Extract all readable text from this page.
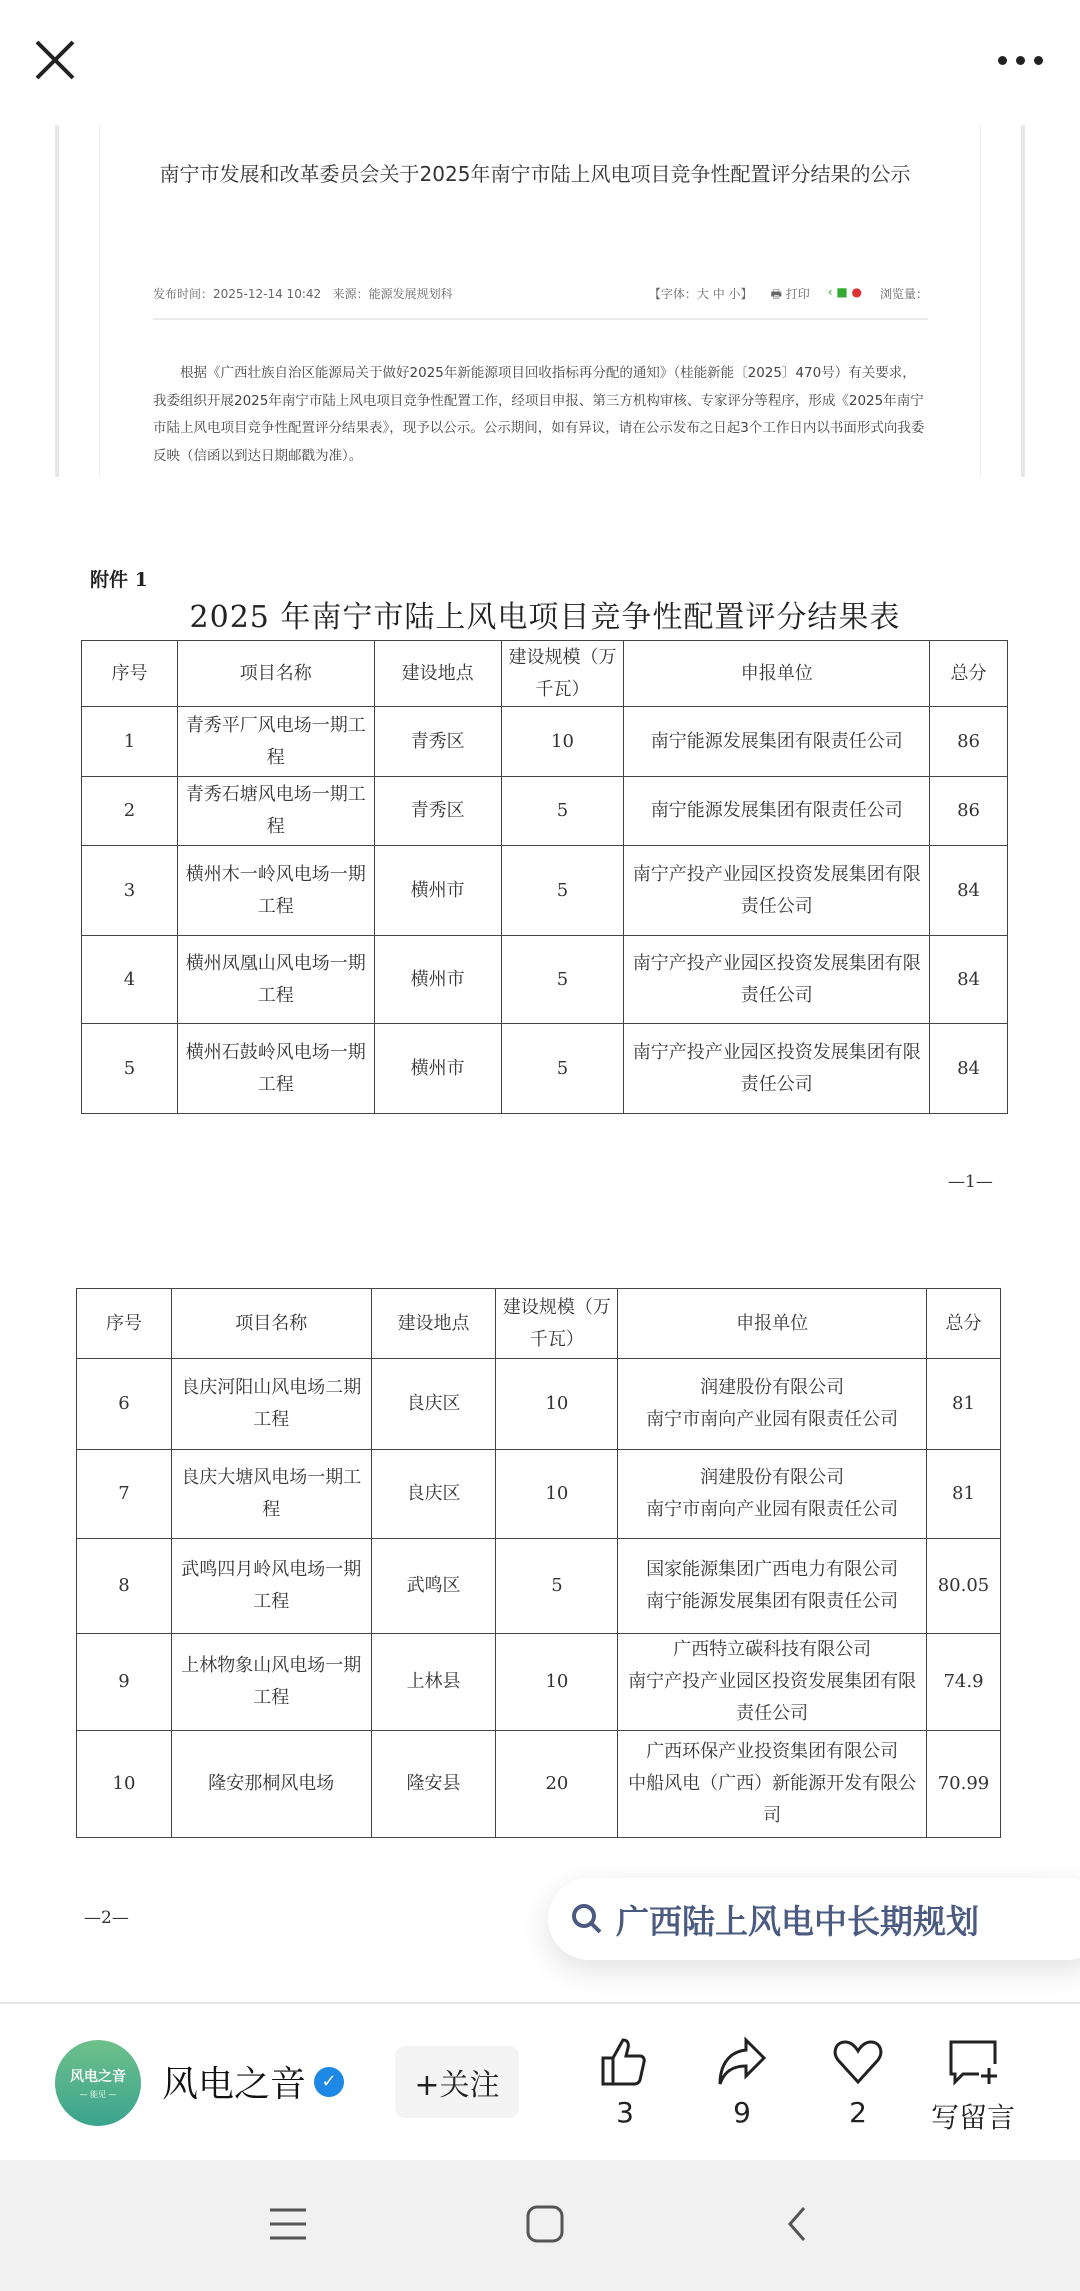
南宁市发展和改革委员会关于2025年南宁市陆上风电项目竞争性配置评分结果的公示
发布时间：2025-12-14 10:42 来源：能源发展规划科	【字体：大 中 小】 🖶 打印 ‹ ■ ● 浏览量：
根据《广西壮族自治区能源局关于做好2025年新能源项目回收指标再分配的通知》（桂能新能〔2025〕470号）有关要求，我委组织开展2025年南宁市陆上风电项目竞争性配置工作，经项目申报、第三方机构审核、专家评分等程序，形成《2025年南宁市陆上风电项目竞争性配置评分结果表》，现予以公示。公示期间，如有异议，请在公示发布之日起3个工作日内以书面形式向我委反映（信函以到达日期邮戳为准）。
附件 1
2025 年南宁市陆上风电项目竞争性配置评分结果表
序号	项目名称	建设地点	建设规模（万千瓦）	申报单位	总分
1	青秀平厂风电场一期工程	青秀区	10	南宁能源发展集团有限责任公司	86
2	青秀石塘风电场一期工程	青秀区	5	南宁能源发展集团有限责任公司	86
3	横州木一岭风电场一期工程	横州市	5	南宁产投产业园区投资发展集团有限责任公司	84
4	横州凤凰山风电场一期工程	横州市	5	南宁产投产业园区投资发展集团有限责任公司	84
5	横州石鼓岭风电场一期工程	横州市	5	南宁产投产业园区投资发展集团有限责任公司	84
—1—
序号	项目名称	建设地点	建设规模（万千瓦）	申报单位	总分
6	良庆河阳山风电场二期工程	良庆区	10	润建股份有限公司
南宁市南向产业园有限责任公司	81
7	良庆大塘风电场一期工程	良庆区	10	润建股份有限公司
南宁市南向产业园有限责任公司	81
8	武鸣四月岭风电场一期工程	武鸣区	5	国家能源集团广西电力有限公司
南宁能源发展集团有限责任公司	80.05
9	上林物象山风电场一期工程	上林县	10	广西特立碳科技有限公司
南宁产投产业园区投资发展集团有限责任公司	74.9
10	隆安那桐风电场	隆安县	20	广西环保产业投资集团有限公司
中船风电（广西）新能源开发有限公司	70.99
—2—	广西陆上风电中长期规划
风电之音
— 能见 — 风电之音 ✓	+关注
3	9	2	写留言
